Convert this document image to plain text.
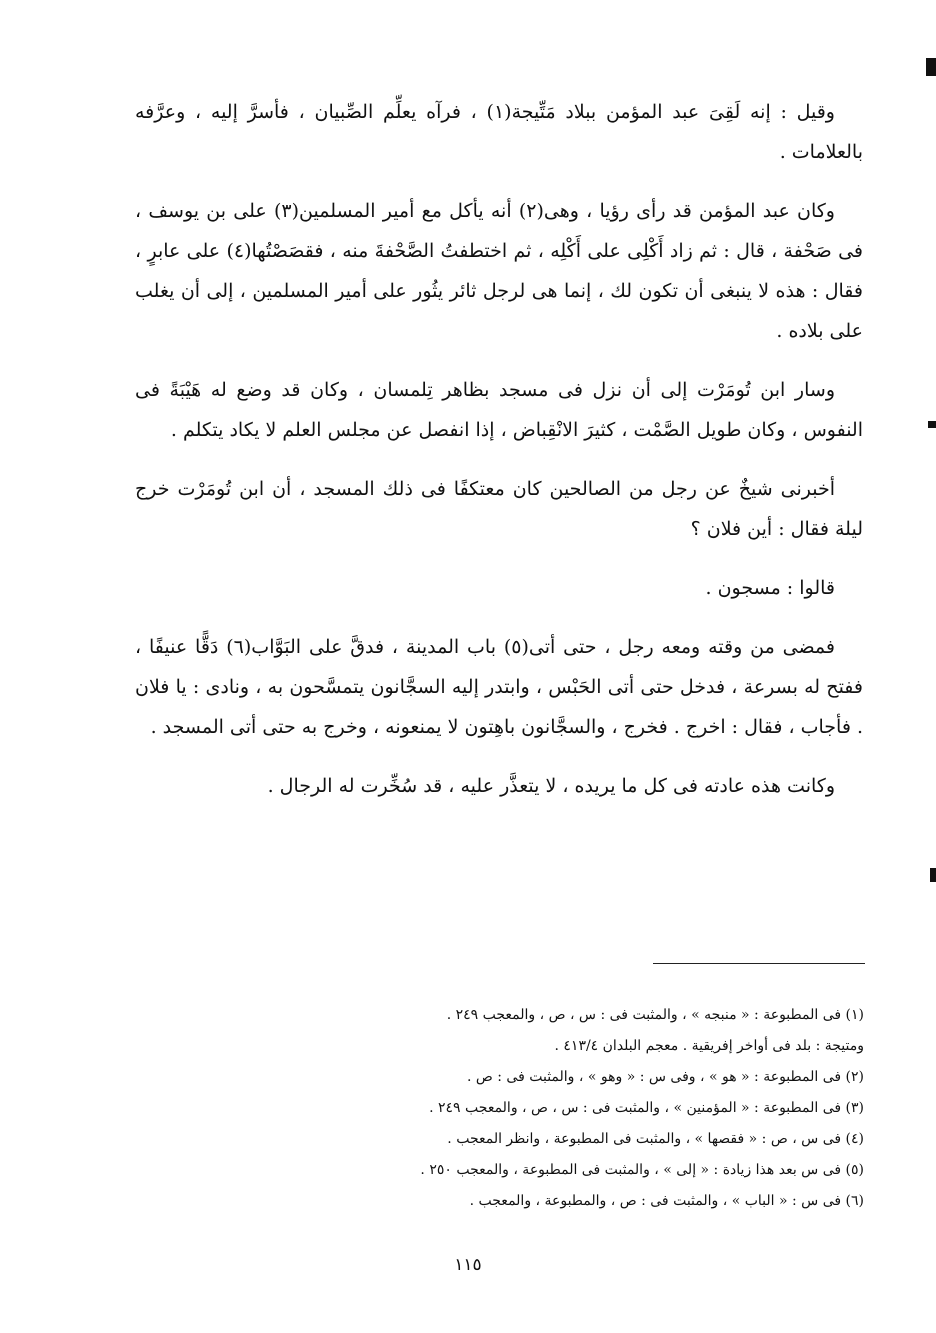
وقيل : إنه لَقِىَ عبد المؤمن ببلاد مَتِّيجة(١) ، فرآه يعلِّم الصِّبيان ، فأسرَّ إليه ، وعرَّفه بالعلامات .

وكان عبد المؤمن قد رأى رؤيا ، وهى(٢) أنه يأكل مع أمير المسلمين(٣) على بن يوسف ، فى صَحْفة ، قال : ثم زاد أَكْلِى على أَكْلِه ، ثم اختطفتُ الصَّحْفةَ منه ، فقصَصْتُها(٤) على عابرٍ ، فقال : هذه لا ينبغى أن تكون لك ، إنما هى لرجل ثائر يثُور على أمير المسلمين ، إلى أن يغلب على بلاده .

وسار ابن تُومَرْت إلى أن نزل فى مسجد بظاهر تِلمسان ، وكان قد وضع له هَيْبَةً فى النفوس ، وكان طويل الصَّمْت ، كثيرَ الانْقِباض ، إذا انفصل عن مجلس العلم لا يكاد يتكلم .

أخبرنى شيخٌ عن رجل من الصالحين كان معتكفًا فى ذلك المسجد ، أن ابن تُومَرْت خرج ليلة فقال : أين فلان ؟

قالوا : مسجون .

فمضى من وقته ومعه رجل ، حتى أتى(٥) باب المدينة ، فدقَّ على البَوَّاب(٦) دَقًّا عنيفًا ، ففتح له بسرعة ، فدخل حتى أتى الحَبْس ، وابتدر إليه السجَّانون يتمسَّحون به ، ونادى : يا فلان . فأجاب ، فقال : اخرج . فخرج ، والسجَّانون باهِتون لا يمنعونه ، وخرج به حتى أتى المسجد .

وكانت هذه عادته فى كل ما يريده ، لا يتعذَّر عليه ، قد سُخِّرت له الرجال .

(١) فى المطبوعة : « منبجه » ، والمثبت فى : س ، ص ، والمعجب ٢٤٩ .
ومتيجة : بلد فى أواخر إفريقية . معجم البلدان ٤١٣/٤ .
(٢) فى المطبوعة : « هو » ، وفى س : « وهو » ، والمثبت فى : ص .
(٣) فى المطبوعة : « المؤمنين » ، والمثبت فى : س ، ص ، والمعجب ٢٤٩ .
(٤) فى س ، ص : « فقصها » ، والمثبت فى المطبوعة ، وانظر المعجب .
(٥) فى س بعد هذا زيادة : « إلى » ، والمثبت فى المطبوعة ، والمعجب ٢٥٠ .
(٦) فى س : « الباب » ، والمثبت فى : ص ، والمطبوعة ، والمعجب .
١١٥
